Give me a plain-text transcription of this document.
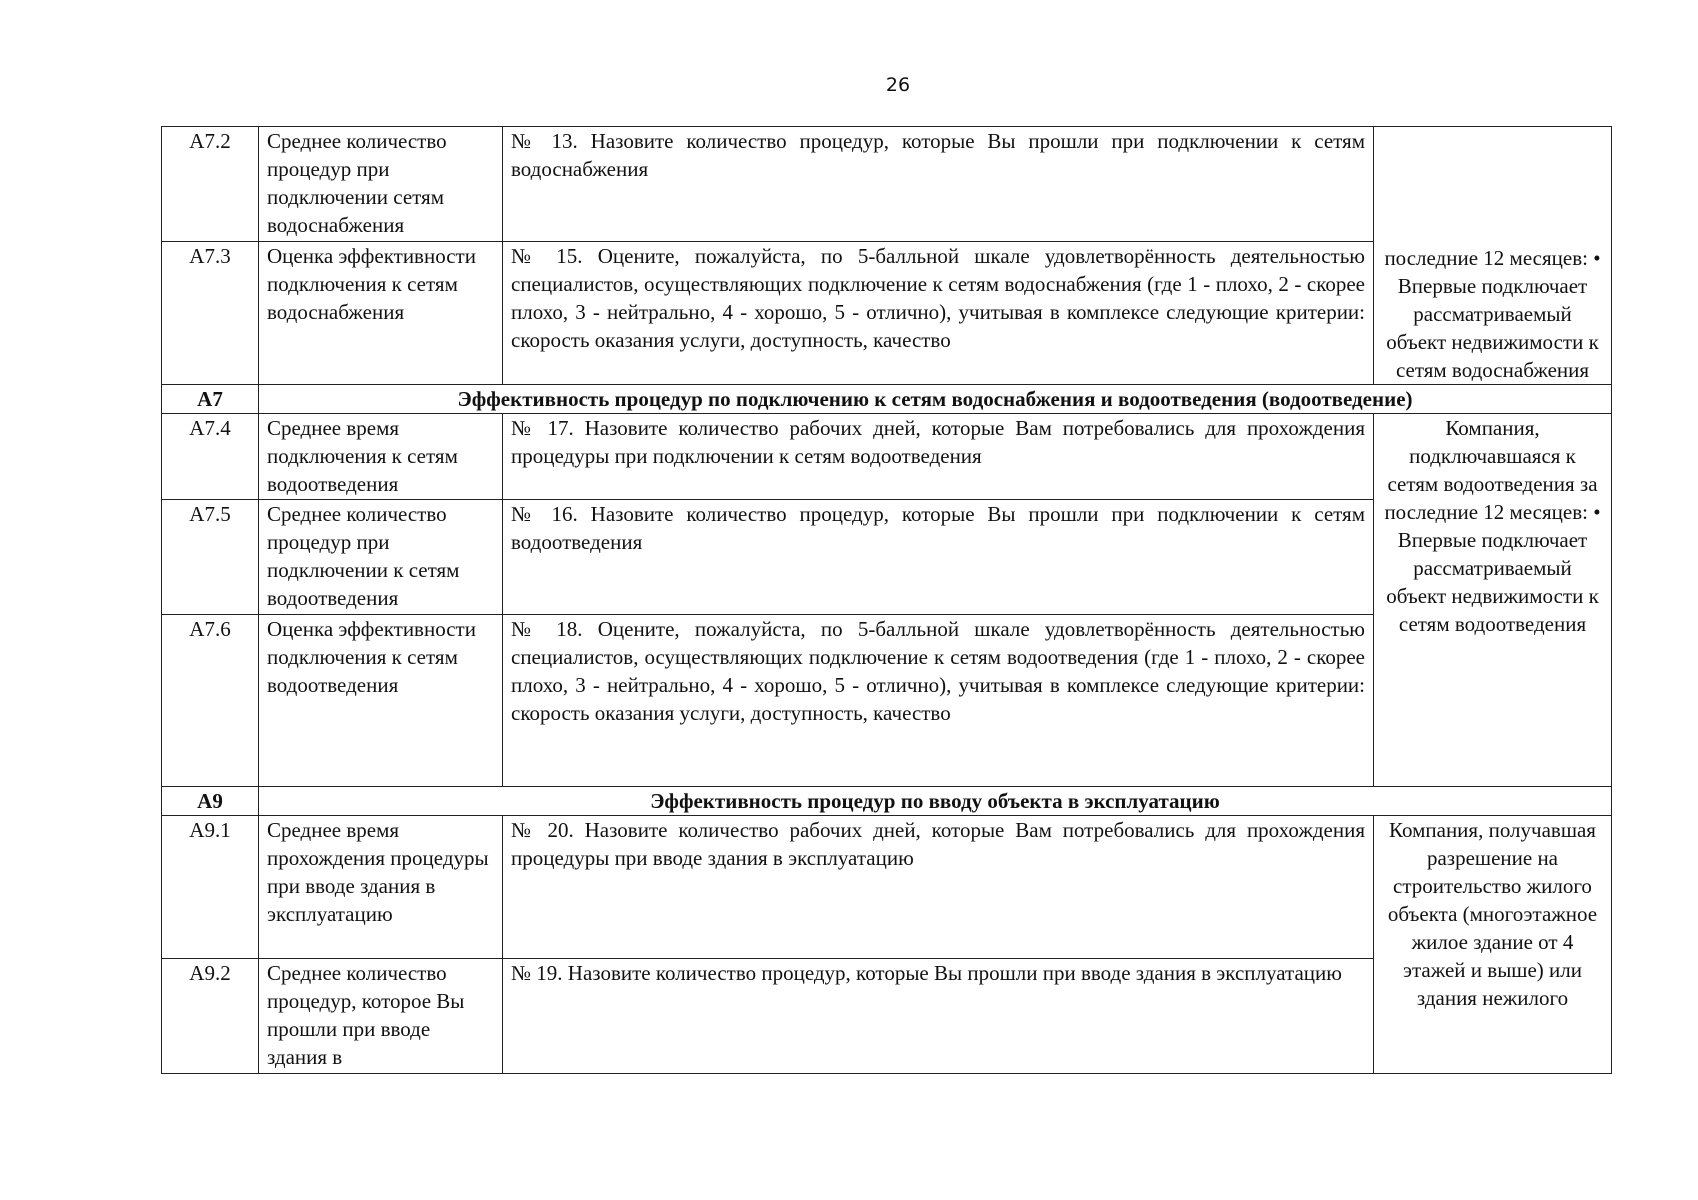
26
А7.2	Среднее количество процедур при подключении сетям водоснабжения	№ 13. Назовите количество процедур, которые Вы прошли при подключении к сетям водоснабжения	последние 12 месяцев: • Впервые подключает рассматриваемый объект недвижимости к сетям водоснабжения
А7.3	Оценка эффективности подключения к сетям водоснабжения	№ 15. Оцените, пожалуйста, по 5-балльной шкале удовлетворённость деятельностью специалистов, осуществляющих подключение к сетям водоснабжения (где 1 - плохо, 2 - скорее плохо, 3 - нейтрально, 4 - хорошо, 5 - отлично), учитывая в комплексе следующие критерии: скорость оказания услуги, доступность, качество	
А7	Эффективность процедур по подключению к сетям водоснабжения и водоотведения (водоотведение)		
А7.4	Среднее время подключения к сетям водоотведения	№ 17. Назовите количество рабочих дней, которые Вам потребовались для прохождения процедуры при подключении к сетям водоотведения	Компания, подключавшаяся к сетям водоотведения за последние 12 месяцев: • Впервые подключает рассматриваемый объект недвижимости к сетям водоотведения
А7.5	Среднее количество процедур при подключении к сетям водоотведения	№ 16. Назовите количество процедур, которые Вы прошли при подключении к сетям водоотведения	
А7.6	Оценка эффективности подключения к сетям водоотведения	№ 18. Оцените, пожалуйста, по 5-балльной шкале удовлетворённость деятельностью специалистов, осуществляющих подключение к сетям водоотведения (где 1 - плохо, 2 - скорее плохо, 3 - нейтрально, 4 - хорошо, 5 - отлично), учитывая в комплексе следующие критерии: скорость оказания услуги, доступность, качество	
А9	Эффективность процедур по вводу объекта в эксплуатацию		
А9.1	Среднее время прохождения процедуры при вводе здания в эксплуатацию	№ 20. Назовите количество рабочих дней, которые Вам потребовались для прохождения процедуры при вводе здания в эксплуатацию	Компания, получавшая разрешение на строительство жилого объекта (многоэтажное жилое здание от 4 этажей и выше) или здания нежилого
А9.2	Среднее количество процедур, которое Вы прошли при вводе здания в	№ 19. Назовите количество процедур, которые Вы прошли при вводе здания в эксплуатацию	
